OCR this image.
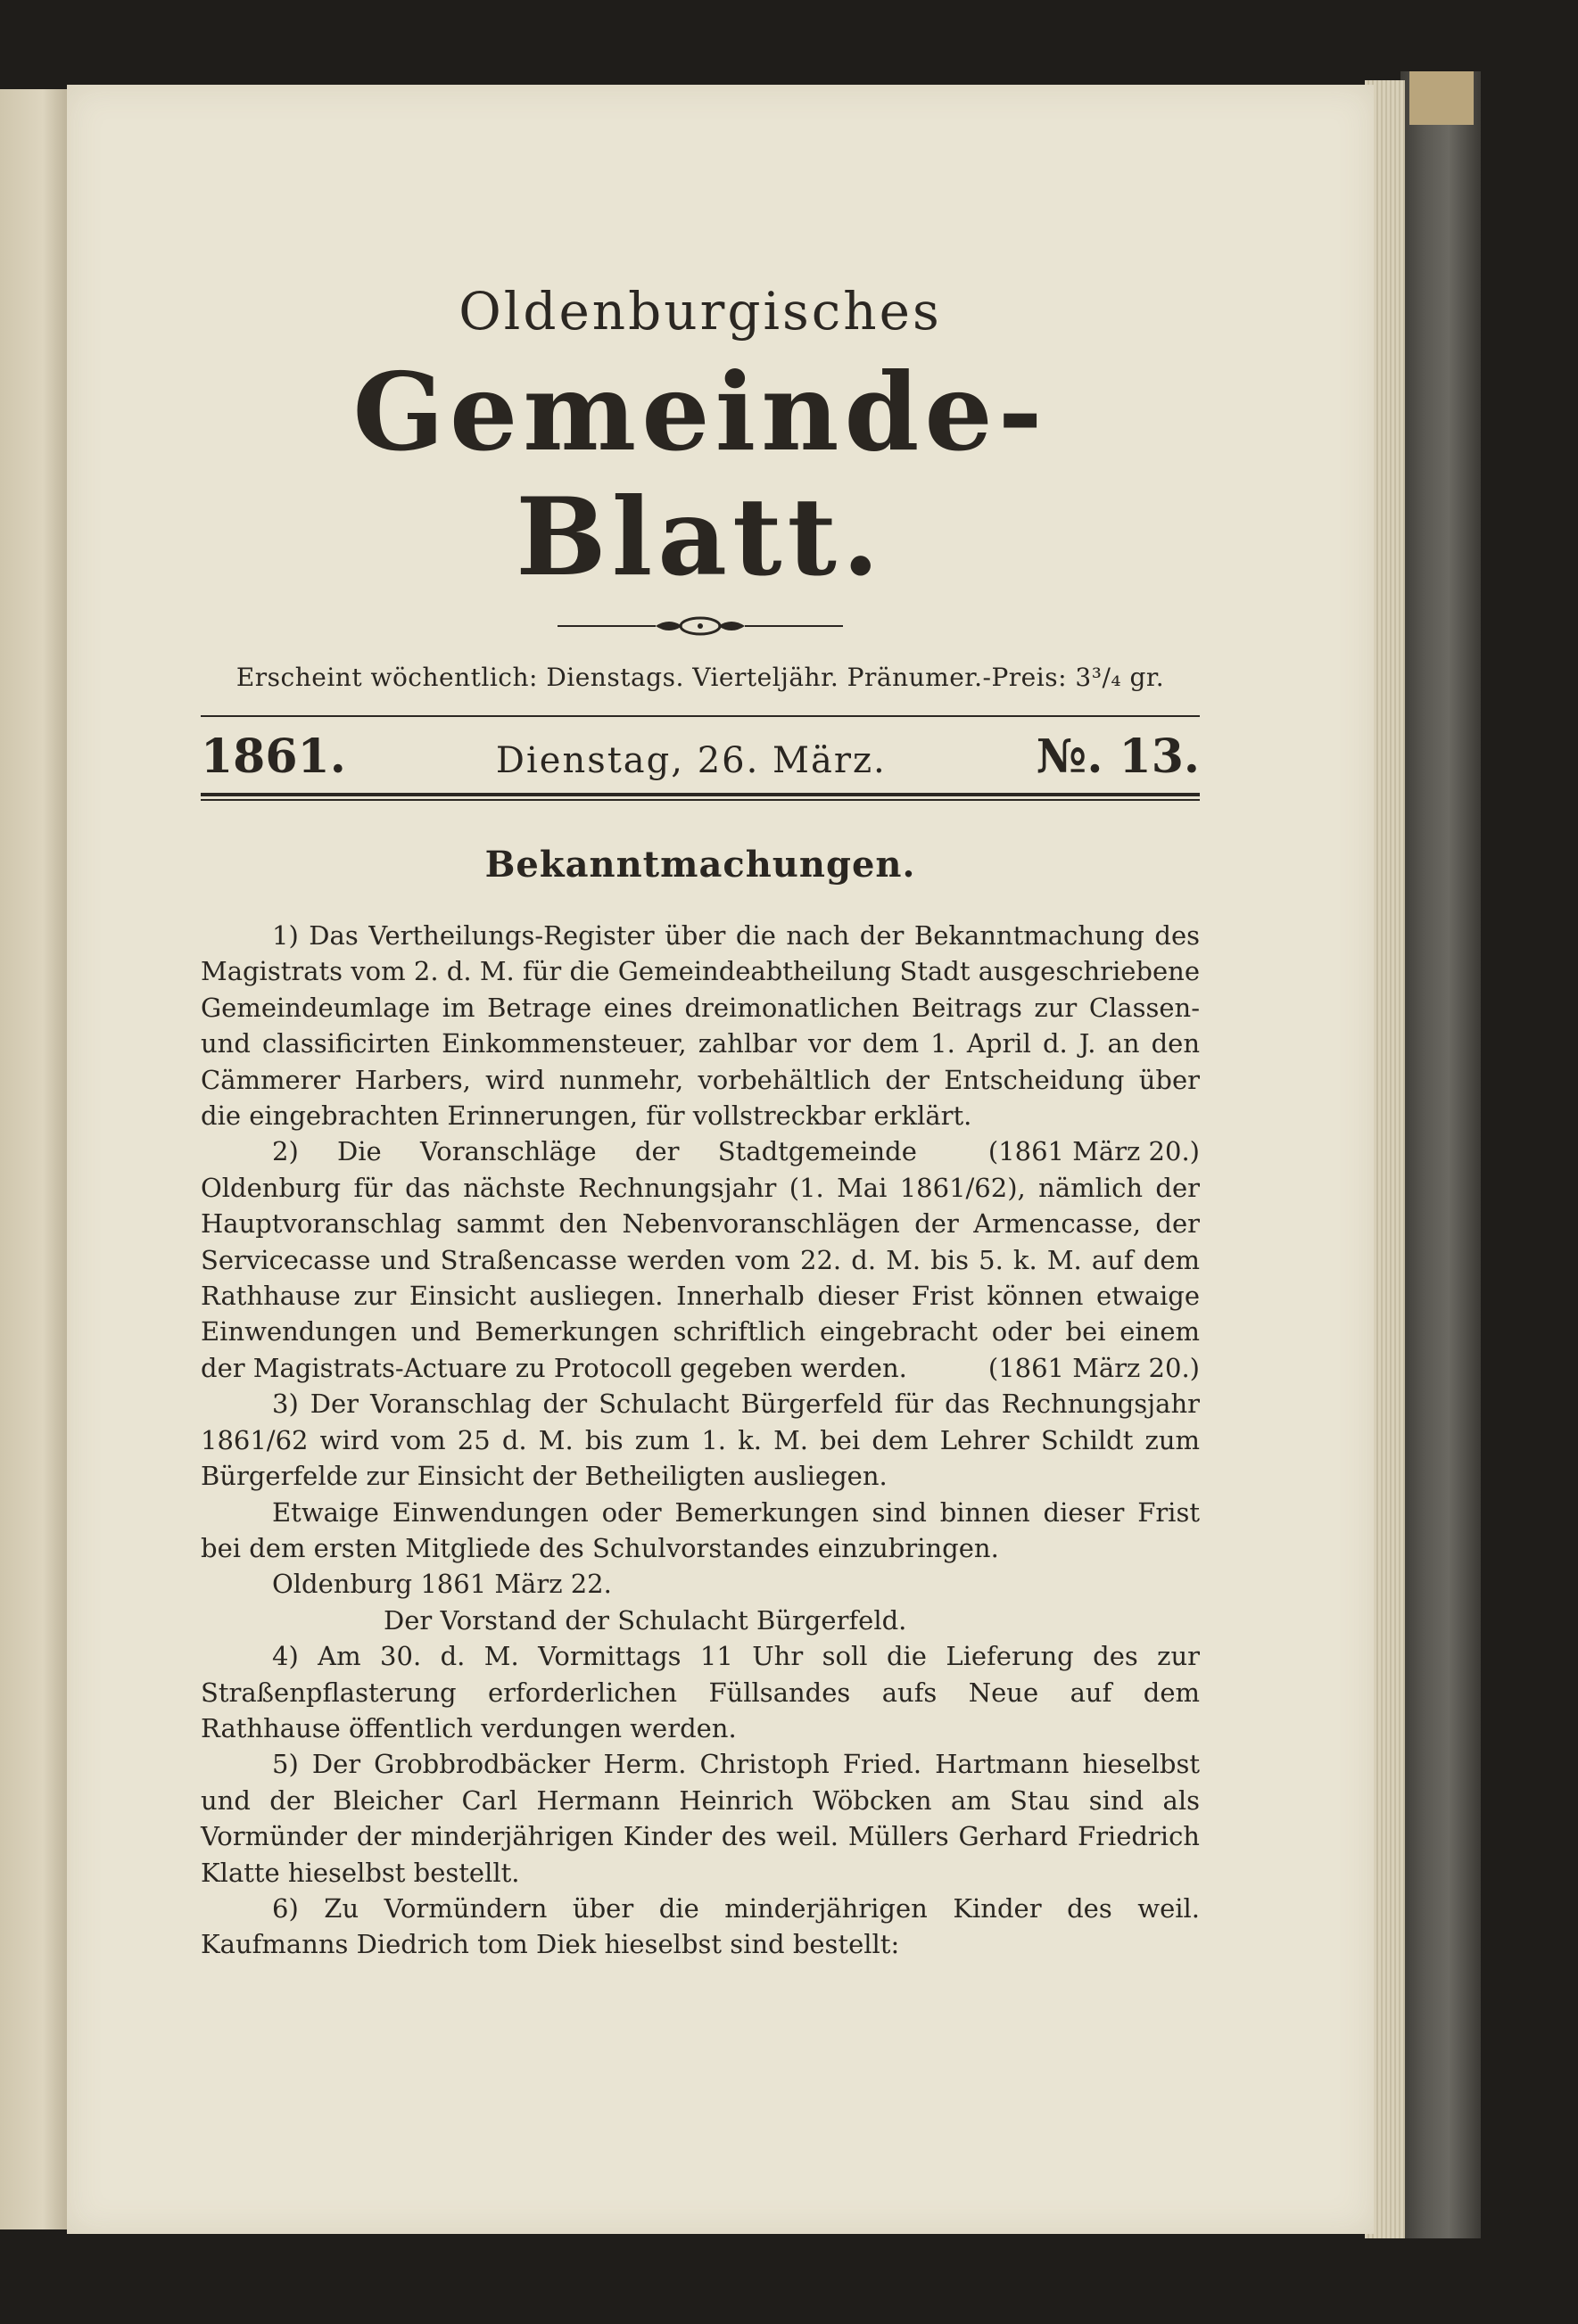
Oldenburgisches
Gemeinde-Blatt.
Erscheint wöchentlich: Dienstags. Vierteljähr. Pränumer.-Preis: 3³/₄ gr.
1861.	Dienstag, 26. März.	№. 13.
Bekanntmachungen.

1) Das Vertheilungs-Register über die nach der Bekanntmachung des Magistrats vom 2. d. M. für die Gemeindeabtheilung Stadt ausgeschriebene Gemeindeumlage im Betrage eines dreimonatlichen Beitrags zur Classen- und classificirten Einkommensteuer, zahlbar vor dem 1. April d. J. an den Cämmerer Harbers, wird nunmehr, vorbehältlich der Entscheidung über die eingebrachten Erinnerungen, für vollstreckbar erklärt.
(1861 März 20.)

2) Die Voranschläge der Stadtgemeinde Oldenburg für das nächste Rechnungsjahr (1. Mai 1861/62), nämlich der Hauptvoranschlag sammt den Nebenvoranschlägen der Armencasse, der Servicecasse und Straßencasse werden vom 22. d. M. bis 5. k. M. auf dem Rathhause zur Einsicht ausliegen. Innerhalb dieser Frist können etwaige Einwendungen und Bemerkungen schriftlich eingebracht oder bei einem der Magistrats-Actuare zu Protocoll gegeben werden.	(1861 März 20.)

3) Der Voranschlag der Schulacht Bürgerfeld für das Rechnungsjahr 1861/62 wird vom 25 d. M. bis zum 1. k. M. bei dem Lehrer Schildt zum Bürgerfelde zur Einsicht der Betheiligten ausliegen.

Etwaige Einwendungen oder Bemerkungen sind binnen dieser Frist bei dem ersten Mitgliede des Schulvorstandes einzubringen.

Oldenburg 1861 März 22.

Der Vorstand der Schulacht Bürgerfeld.

4) Am 30. d. M. Vormittags 11 Uhr soll die Lieferung des zur Straßenpflasterung erforderlichen Füllsandes aufs Neue auf dem Rathhause öffentlich verdungen werden.

5) Der Grobbrodbäcker Herm. Christoph Fried. Hartmann hieselbst und der Bleicher Carl Hermann Heinrich Wöbcken am Stau sind als Vormünder der minderjährigen Kinder des weil. Müllers Gerhard Friedrich Klatte hieselbst bestellt.

6) Zu Vormündern über die minderjährigen Kinder des weil. Kaufmanns Diedrich tom Diek hieselbst sind bestellt:
